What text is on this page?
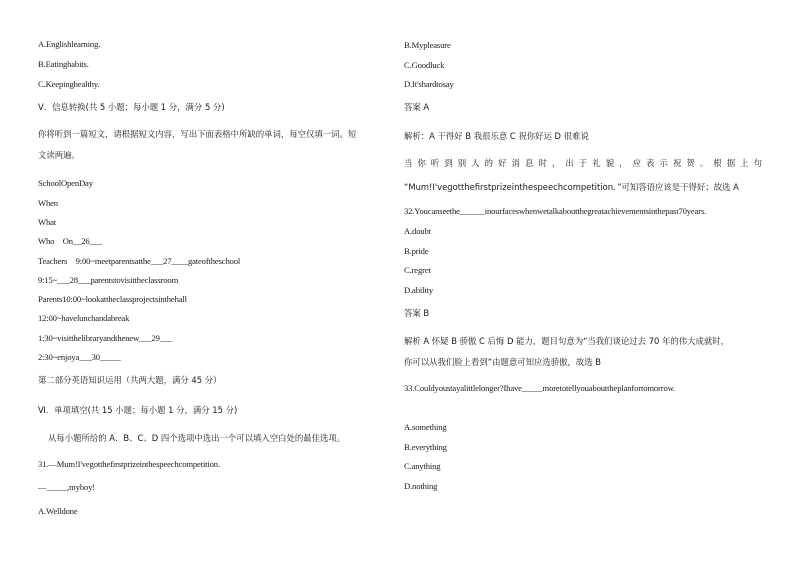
A.Englishlearning.
B.Eatinghabits.
C.Keepinghealthy.
Ⅴ．信息转换(共 5 小题；每小题 1 分，满分 5 分)
你将听到一篇短文，请根据短文内容，写出下面表格中所缺的单词，每空仅填一词。短
文读两遍。
SchoolOpenDay
When
What
Who　On__26___
Teachers　9:00~meetparentsatthe___27____gateoftheschool
9:15~___28___parentstovisittheclassroom
Parents10:00~lookattheclassprojectsinthehall
12:00~havelunchandabreak
1:30~visitthelibraryandthenew___29___
2:30~enjoya___30_____
第二部分英语知识运用（共两大题，满分 45 分）
Ⅵ．单项填空(共 15 小题；每小题 1 分，满分 15 分)
从每小题所给的 A、B、C、D 四个选项中选出一个可以填入空白处的最佳选项。
31.—Mum!I'vegotthefirstprizeinthespeechcompetition.
—_____,myboy!
A.Welldone
B.Mypleasure
C.Goodluck
D.It'shardtosay
答案 A
解析：A 干得好 B 我很乐意 C 祝你好运 D 很难说
当 你 听 到 别 人 的 好 消 息 时 ， 出 于 礼 貌 ， 应 表 示 祝 贺 。 根 据 上 句
“Mum!I'vegotthefirstprizeinthespeechcompetition．”可知答语应该是干得好；故选 A
32.Youcanseethe______inourfaceswhenwetalkaboutthegreatachievementsinthepast70years.
A.doubt
B.pride
C.regret
D.ability
答案 B
解析 A 怀疑 B 骄傲 C 后悔 D 能力，题目句意为“当我们谈论过去 70 年的伟大成就时，
你可以从我们脸上看到”由题意可知应选骄傲，故选 B
33.Couldyoustayalittlelonger?Ihave_____moretotellyouabouttheplanfortomorrow.
A.something
B.everything
C.anything
D.nothing
